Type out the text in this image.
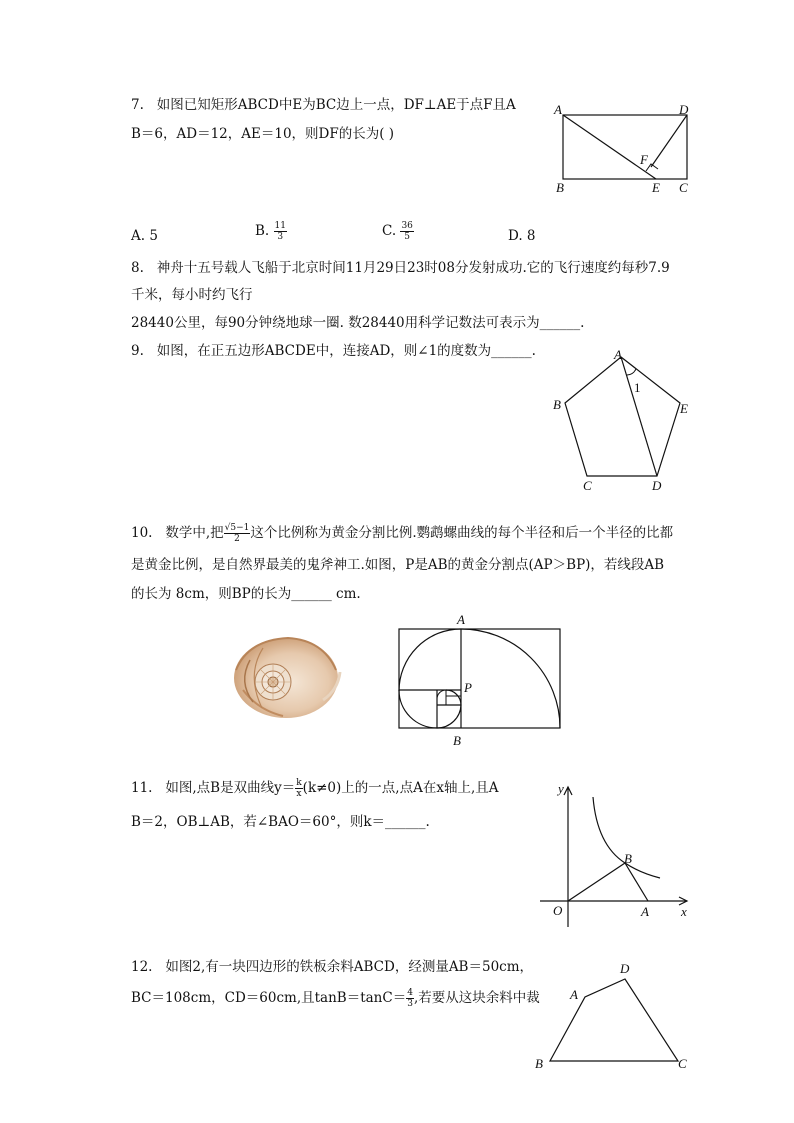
7. 如图已知矩形ABCD中E为BC边上一点，DF⊥AE于点F且A
B＝6，AD＝12，AE＝10，则DF的长为( )
A	D
B	E C
F
A. 5	B. $\frac{11}{3}$	C. $\frac{36}{5}$	D. 8
8. 神舟十五号载人飞船于北京时间11月29日23时08分发射成功.它的飞行速度约每秒7.9
千米，每小时约飞行
28440公里，每90分钟绕地球一圈. 数28440用科学记数法可表示为______.
9. 如图，在正五边形ABCDE中，连接AD，则∠1的度数为______.	A
B	E
C	D
1
10. 数学中,把 $\frac{√5-1}{2}$ 这个比例称为黄金分割比例.鹦鹉螺曲线的每个半径和后一个半径的比都
是黄金比例，是自然界最美的鬼斧神工.如图，P是AB的黄金分割点(AP＞BP)，若线段AB
的长为 8cm，则BP的长为______ cm.
A
P
B
11. 如图,点B是双曲线$y= \frac{k}{x} (k\ne 0)$上的一点,点A在x轴上,且A
B＝2，OB⊥AB，若∠BAO＝60°，则k＝______.
y
B
O	A x
12. 如图2,有一块四边形的铁板余料ABCD，经测量AB＝50cm，
BC＝108cm，CD＝60cm,且$\tan B=\tan C= \frac{4}{3}$ ,若要从这块余料中裁
D
A
B	C
